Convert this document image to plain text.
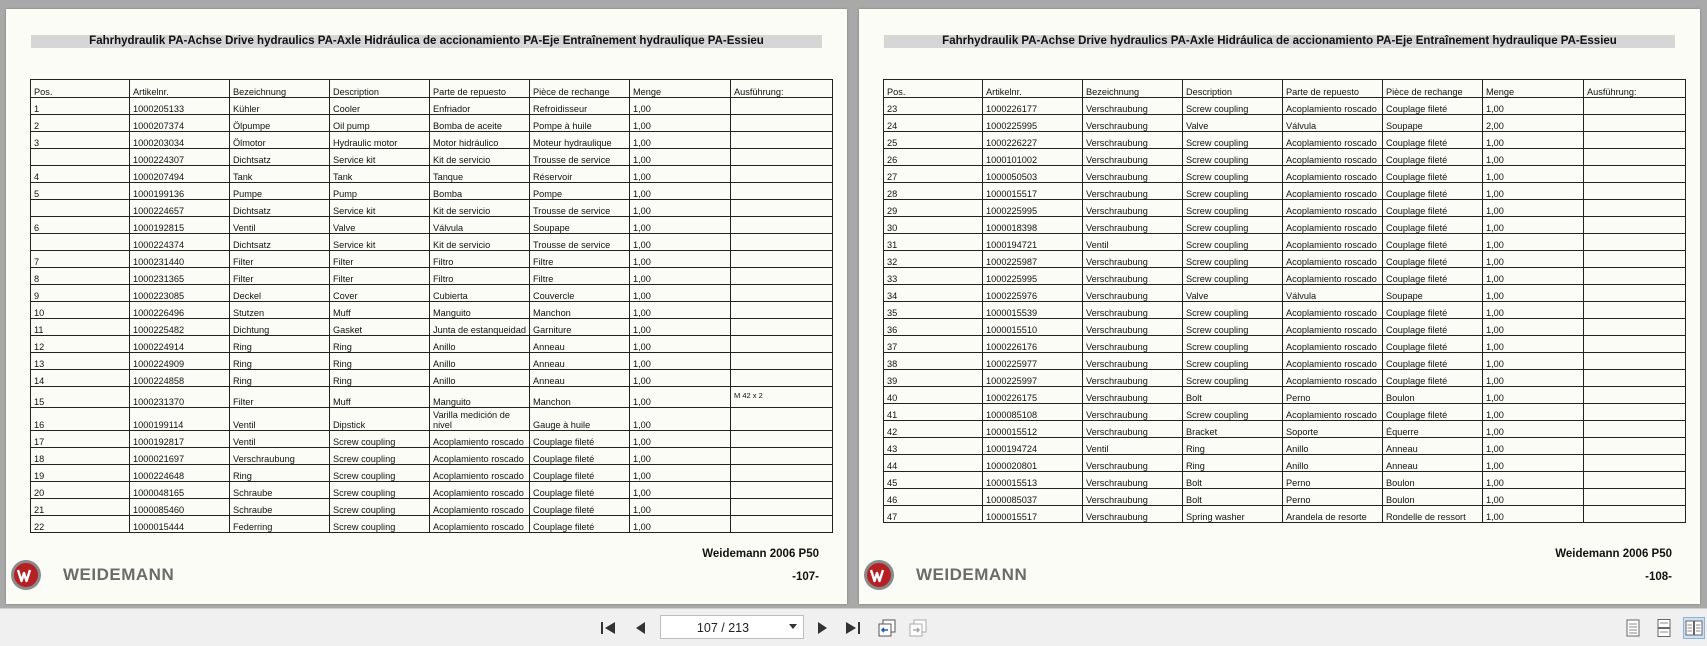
Fahrhydraulik PA-Achse Drive hydraulics PA-Axle Hidráulica de accionamiento PA-Eje Entraînement hydraulique PA-Essieu
Pos.	Artikelnr.	Bezeichnung	Description	Parte de repuesto	Pièce de rechange	Menge	Ausführung:
1	1000205133	Kühler	Cooler	Enfriador	Refroidisseur	1,00	
2	1000207374	Ölpumpe	Oil pump	Bomba de aceite	Pompe à huile	1,00	
3	1000203034	Ölmotor	Hydraulic motor	Motor hidráulico	Moteur hydraulique	1,00	
	1000224307	Dichtsatz	Service kit	Kit de servicio	Trousse de service	1,00	
4	1000207494	Tank	Tank	Tanque	Réservoir	1,00	
5	1000199136	Pumpe	Pump	Bomba	Pompe	1,00	
	1000224657	Dichtsatz	Service kit	Kit de servicio	Trousse de service	1,00	
6	1000192815	Ventil	Valve	Válvula	Soupape	1,00	
	1000224374	Dichtsatz	Service kit	Kit de servicio	Trousse de service	1,00	
7	1000231440	Filter	Filter	Filtro	Filtre	1,00	
8	1000231365	Filter	Filter	Filtro	Filtre	1,00	
9	1000223085	Deckel	Cover	Cubierta	Couvercle	1,00	
10	1000226496	Stutzen	Muff	Manguito	Manchon	1,00	
11	1000225482	Dichtung	Gasket	Junta de estanqueidad	Garniture	1,00	
12	1000224914	Ring	Ring	Anillo	Anneau	1,00	
13	1000224909	Ring	Ring	Anillo	Anneau	1,00	
14	1000224858	Ring	Ring	Anillo	Anneau	1,00	
15	1000231370	Filter	Muff	Manguito	Manchon	1,00	M 42 x 2
16	1000199114	Ventil	Dipstick	Varilla medición de nivel	Gauge à huile	1,00	
17	1000192817	Ventil	Screw coupling	Acoplamiento roscado	Couplage fileté	1,00	
18	1000021697	Verschraubung	Screw coupling	Acoplamiento roscado	Couplage fileté	1,00	
19	1000224648	Ring	Screw coupling	Acoplamiento roscado	Couplage fileté	1,00	
20	1000048165	Schraube	Screw coupling	Acoplamiento roscado	Couplage fileté	1,00	
21	1000085460	Schraube	Screw coupling	Acoplamiento roscado	Couplage fileté	1,00	
22	1000015444	Federring	Screw coupling	Acoplamiento roscado	Couplage fileté	1,00	
Weidemann 2006 P50
-107-
WEIDEMANN
Fahrhydraulik PA-Achse Drive hydraulics PA-Axle Hidráulica de accionamiento PA-Eje Entraînement hydraulique PA-Essieu
Pos.	Artikelnr.	Bezeichnung	Description	Parte de repuesto	Pièce de rechange	Menge	Ausführung:
23	1000226177	Verschraubung	Screw coupling	Acoplamiento roscado	Couplage fileté	1,00	
24	1000225995	Verschraubung	Valve	Válvula	Soupape	2,00	
25	1000226227	Verschraubung	Screw coupling	Acoplamiento roscado	Couplage fileté	1,00	
26	1000101002	Verschraubung	Screw coupling	Acoplamiento roscado	Couplage fileté	1,00	
27	1000050503	Verschraubung	Screw coupling	Acoplamiento roscado	Couplage fileté	1,00	
28	1000015517	Verschraubung	Screw coupling	Acoplamiento roscado	Couplage fileté	1,00	
29	1000225995	Verschraubung	Screw coupling	Acoplamiento roscado	Couplage fileté	1,00	
30	1000018398	Verschraubung	Screw coupling	Acoplamiento roscado	Couplage fileté	1,00	
31	1000194721	Ventil	Screw coupling	Acoplamiento roscado	Couplage fileté	1,00	
32	1000225987	Verschraubung	Screw coupling	Acoplamiento roscado	Couplage fileté	1,00	
33	1000225995	Verschraubung	Screw coupling	Acoplamiento roscado	Couplage fileté	1,00	
34	1000225976	Verschraubung	Valve	Válvula	Soupape	1,00	
35	1000015539	Verschraubung	Screw coupling	Acoplamiento roscado	Couplage fileté	1,00	
36	1000015510	Verschraubung	Screw coupling	Acoplamiento roscado	Couplage fileté	1,00	
37	1000226176	Verschraubung	Screw coupling	Acoplamiento roscado	Couplage fileté	1,00	
38	1000225977	Verschraubung	Screw coupling	Acoplamiento roscado	Couplage fileté	1,00	
39	1000225997	Verschraubung	Screw coupling	Acoplamiento roscado	Couplage fileté	1,00	
40	1000226175	Verschraubung	Bolt	Perno	Boulon	1,00	
41	1000085108	Verschraubung	Screw coupling	Acoplamiento roscado	Couplage fileté	1,00	
42	1000015512	Verschraubung	Bracket	Soporte	Équerre	1,00	
43	1000194724	Ventil	Ring	Anillo	Anneau	1,00	
44	1000020801	Verschraubung	Ring	Anillo	Anneau	1,00	
45	1000015513	Verschraubung	Bolt	Perno	Boulon	1,00	
46	1000085037	Verschraubung	Bolt	Perno	Boulon	1,00	
47	1000015517	Verschraubung	Spring washer	Arandela de resorte	Rondelle de ressort	1,00	
Weidemann 2006 P50
-108-
WEIDEMANN
107 / 213
